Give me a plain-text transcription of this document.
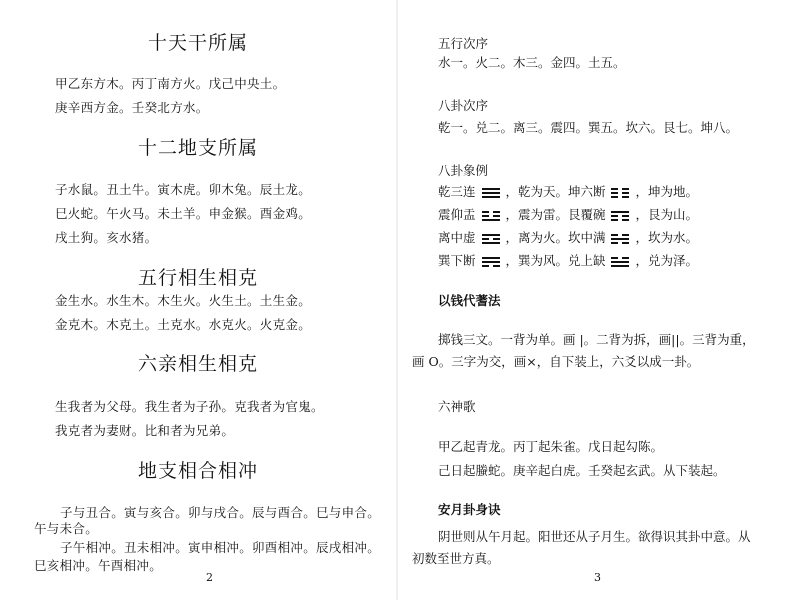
十天干所属

甲乙东方木。丙丁南方火。戊己中央土。

庚辛西方金。壬癸北方水。

十二地支所属

子水鼠。丑土牛。寅木虎。卯木兔。辰土龙。

巳火蛇。午火马。未土羊。申金猴。酉金鸡。

戌土狗。亥水猪。

五行相生相克

金生水。水生木。木生火。火生土。土生金。

金克木。木克土。土克水。水克火。火克金。

六亲相生相克

生我者为父母。我生者为子孙。克我者为官鬼。

我克者为妻财。比和者为兄弟。

地支相合相冲

子与丑合。寅与亥合。卯与戌合。辰与酉合。巳与申合。

午与未合。

子午相冲。丑未相冲。寅申相冲。卯酉相冲。辰戌相冲。

巳亥相冲。午酉相冲。

2

五行次序

水一。火二。木三。金四。土五。

八卦次序

乾一。兑二。离三。震四。巽五。坎六。艮七。坤八。

八卦象例

乾三连 ，乾为天。坤六断 ，坤为地。
震仰盂 ，震为雷。艮覆碗 ，艮为山。
离中虚 ，离为火。坎中满 ，坎为水。
巽下断 ，巽为风。兑上缺 ，兑为泽。

以钱代蓍法

掷钱三文。一背为单。画 |。二背为拆，画||。三背为重，

画 O。三字为交，画×，自下装上，六爻以成一卦。

六神歌

甲乙起青龙。丙丁起朱雀。戊日起勾陈。

己日起螣蛇。庚辛起白虎。壬癸起玄武。从下装起。

安月卦身诀

阴世则从午月起。阳世还从子月生。欲得识其卦中意。从

初数至世方真。

3
